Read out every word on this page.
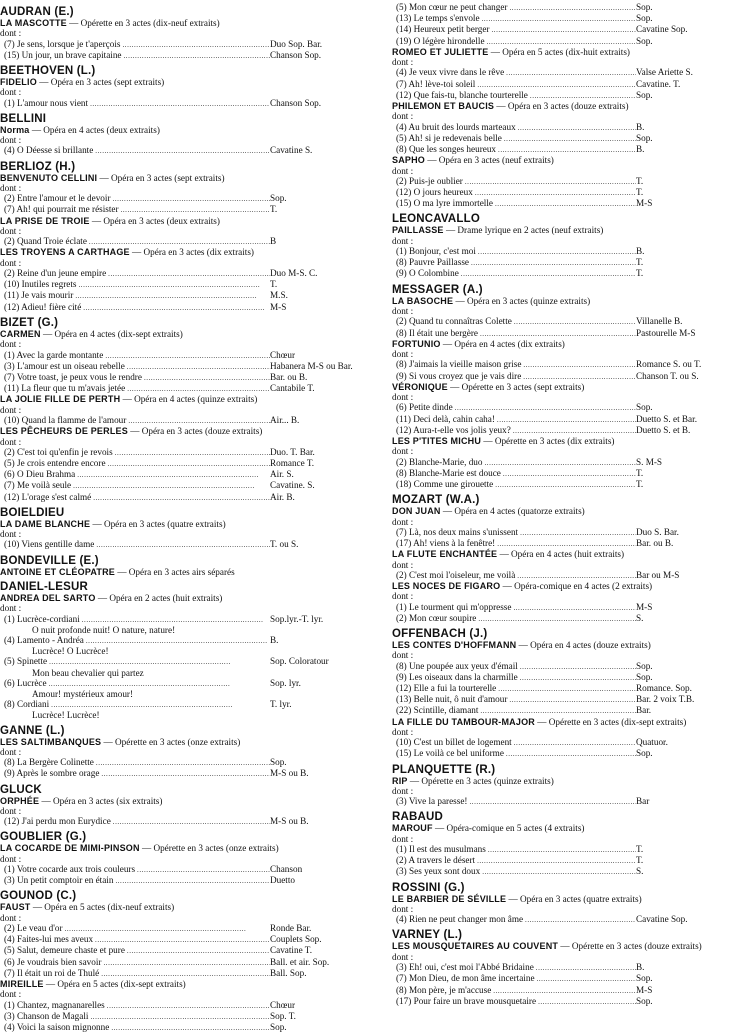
AUDRAN (E.)
LA MASCOTTE — Opérette en 3 actes (dix-neuf extraits)
dont :
(7) Je sens, lorsque je t'aperçois . . .	Duo Sop. Bar.
(15) Un jour, un brave capitaine . . .	Chanson Sop.
BEETHOVEN (L.)
FIDELIO — Opéra en 3 actes (sept extraits)
dont :
(1) L'amour nous vient . . .	Chanson Sop.
BELLINI
Norma — Opéra en 4 actes (deux extraits)
dont :
(4) O Déesse si brillante . . .	Cavatine S.
BERLIOZ (H.)
BENVENUTO CELLINI — Opéra en 3 actes (sept extraits)
dont :
(2) Entre l'amour et le devoir . . .	Sop.
(7) Ah! qui pourrait me résister . . .	T.
LA PRISE DE TROIE — Opéra en 3 actes (deux extraits)
dont :
(2) Quand Troie éclate . . .	B
LES TROYENS A CARTHAGE — Opéra en 3 actes (dix extraits)
dont :
(2) Reine d'un jeune empire . . .	Duo M-S. C.
(10) Inutiles regrets . . .	T.
(11) Je vais mourir . . .	M.S.
(12) Adieu! fière cité . . .	M-S
BIZET (G.)
CARMEN — Opéra en 4 actes (dix-sept extraits)
dont :
(1) Avec la garde montante . . .	Chœur
(3) L'amour est un oiseau rebelle . . .	Habanera M-S ou Bar.
(7) Votre toast, je peux vous le rendre . . .	Bar. ou B.
(11) La fleur que tu m'avais jetée . . .	Cantabile T.
LA JOLIE FILLE DE PERTH — Opéra en 4 actes (quinze extraits)
dont :
(10) Quand la flamme de l'amour . . .	Air... B.
LES PÊCHEURS DE PERLES — Opéra en 3 actes (douze extraits)
dont :
(2) C'est toi qu'enfin je revois . . .	Duo. T. Bar.
(5) Je crois entendre encore . . .	Romance T.
(6) O Dieu Brahma . . .	Air. S.
(7) Me voilà seule . . .	Cavatine. S.
(12) L'orage s'est calmé . . .	Air. B.
BOIELDIEU
LA DAME BLANCHE — Opéra en 3 actes (quatre extraits)
dont :
(10) Viens gentille dame . . .	T. ou S.
BONDEVILLE (E.)
ANTOINE ET CLÉOPATRE — Opéra en 3 actes airs séparés
DANIEL-LESUR
ANDREA DEL SARTO — Opéra en 2 actes (huit extraits)
dont :
(1) Lucrèce-cordiani . . .	Sop.lyr.-T. lyr.
O nuit profonde nuit! O nature, nature!
(4) Lamento - Andréa . . .	B.
Lucrèce! O Lucrèce!
(5) Spinette . . .	Sop. Coloratour
Mon beau chevalier qui partez
(6) Lucrèce . . .	Sop. lyr.
Amour! mystérieux amour!
(8) Cordiani . . .	T. lyr.
Lucrèce! Lucrèce!
GANNE (L.)
LES SALTIMBANQUES — Opérette en 3 actes (onze extraits)
dont :
(8) La Bergère Colinette . . .	Sop.
(9) Après le sombre orage . . .	M-S ou B.
GLUCK
ORPHÉE — Opéra en 3 actes (six extraits)
dont :
(12) J'ai perdu mon Eurydice . . .	M-S ou B.
GOUBLIER (G.)
LA COCARDE DE MIMI-PINSON — Opérette en 3 actes (onze extraits)
dont :
(1) Votre cocarde aux trois couleurs . . .	Chanson
(3) Un petit comptoir en étain . . .	Duetto
GOUNOD (C.)
FAUST — Opéra en 5 actes (dix-neuf extraits)
dont :
(2) Le veau d'or . . .	Ronde Bar.
(4) Faites-lui mes aveux . . .	Couplets Sop.
(5) Salut, demeure chaste et pure . . .	Cavatine T.
(6) Je voudrais bien savoir . . .	Ball. et air. Sop.
(7) Il était un roi de Thulé . . .	Ball. Sop.
MIREILLE — Opéra en 5 actes (dix-sept extraits)
dont :
(1) Chantez, magnanarelles . . .	Chœur
(3) Chanson de Magali . . .	Sop. T.
(4) Voici la saison mignonne . . .	Sop.
(5) Mon cœur ne peut changer . . .	Sop.
(13) Le temps s'envole . . .	Sop.
(14) Heureux petit berger . . .	Cavatine Sop.
(19) O légère hirondelle . . .	Sop.
ROMEO ET JULIETTE — Opéra en 5 actes (dix-huit extraits)
dont :
(4) Je veux vivre dans le rêve . . .	Valse Ariette S.
(7) Ah! lève-toi soleil . . .	Cavatine. T.
(12) Que fais-tu, blanche tourterelle . . .	Sop.
PHILEMON ET BAUCIS — Opéra en 3 actes (douze extraits)
dont :
(4) Au bruit des lourds marteaux . . .	B.
(5) Ah! si je redevenais belle . . .	Sop.
(8) Que les songes heureux . . .	B.
SAPHO — Opéra en 3 actes (neuf extraits)
dont :
(2) Puis-je oublier . . .	T.
(12) O jours heureux . . .	T.
(15) O ma lyre immortelle . . .	M-S
LEONCAVALLO
PAILLASSE — Drame lyrique en 2 actes (neuf extraits)
dont :
(1) Bonjour, c'est moi . . .	B.
(8) Pauvre Paillasse . . .	T.
(9) O Colombine . . .	T.
MESSAGER (A.)
LA BASOCHE — Opéra en 3 actes (quinze extraits)
dont :
(2) Quand tu connaîtras Colette . . .	Villanelle B.
(8) Il était une bergère . . .	Pastourelle M-S
FORTUNIO — Opéra en 4 actes (dix extraits)
dont :
(8) J'aimais la vieille maison grise . . .	Romance S. ou T.
(9) Si vous croyez que je vais dire . . .	Chanson T. ou S.
VÉRONIQUE — Opérette en 3 actes (sept extraits)
dont :
(6) Petite dinde . . .	Sop.
(11) Deci delà, cahin caha! . . .	Duetto S. et Bar.
(12) Aura-t-elle vos jolis yeux? . . .	Duetto S. et B.
LES P'TITES MICHU — Opérette en 3 actes (dix extraits)
dont :
(2) Blanche-Marie, duo . . .	S. M-S
(8) Blanche-Marie est douce . . .	T.
(18) Comme une girouette . . .	T.
MOZART (W.A.)
DON JUAN — Opéra en 4 actes (quatorze extraits)
dont :
(7) Là, nos deux mains s'unissent . . .	Duo S. Bar.
(17) Ah! viens à la fenêtre! . . .	Bar. ou B.
LA FLUTE ENCHANTÉE — Opéra en 4 actes (huit extraits)
dont :
(2) C'est moi l'oiseleur, me voilà . . .	Bar ou M-S
LES NOCES DE FIGARO — Opéra-comique en 4 actes (2 extraits)
dont :
(1) Le tourment qui m'oppresse . . .	M-S
(2) Mon cœur soupire . . .	S.
OFFENBACH (J.)
LES CONTES D'HOFFMANN — Opéra en 4 actes (douze extraits)
dont :
(8) Une poupée aux yeux d'émail . . .	Sop.
(9) Les oiseaux dans la charmille . . .	Sop.
(12) Elle a fui la tourterelle . . .	Romance. Sop.
(13) Belle nuit, ô nuit d'amour . . .	Bar. 2 voix T.B.
(22) Scintille, diamant . . .	Bar.
LA FILLE DU TAMBOUR-MAJOR — Opérette en 3 actes (dix-sept extraits)
dont :
(10) C'est un billet de logement . . .	Quatuor.
(15) Le voilà ce bel uniforme . . .	Sop.
PLANQUETTE (R.)
RIP — Opérette en 3 actes (quinze extraits)
dont :
(3) Vive la paresse! . . .	Bar
RABAUD
MAROUF — Opéra-comique en 5 actes (4 extraits)
dont :
(1) Il est des musulmans . . .	T.
(2) A travers le désert . . .	T.
(3) Ses yeux sont doux . . .	S.
ROSSINI (G.)
LE BARBIER DE SÉVILLE — Opéra en 3 actes (quatre extraits)
dont :
(4) Rien ne peut changer mon âme . . .	Cavatine Sop.
VARNEY (L.)
LES MOUSQUETAIRES AU COUVENT — Opérette en 3 actes (douze extraits)
dont :
(3) Eh! oui, c'est moi l'Abbé Bridaine . . .	B.
(7) Mon Dieu, de mon âme incertaine . . .	Sop.
(8) Mon père, je m'accuse . . .	M-S
(17) Pour faire un brave mousquetaire . . .	Sop.
